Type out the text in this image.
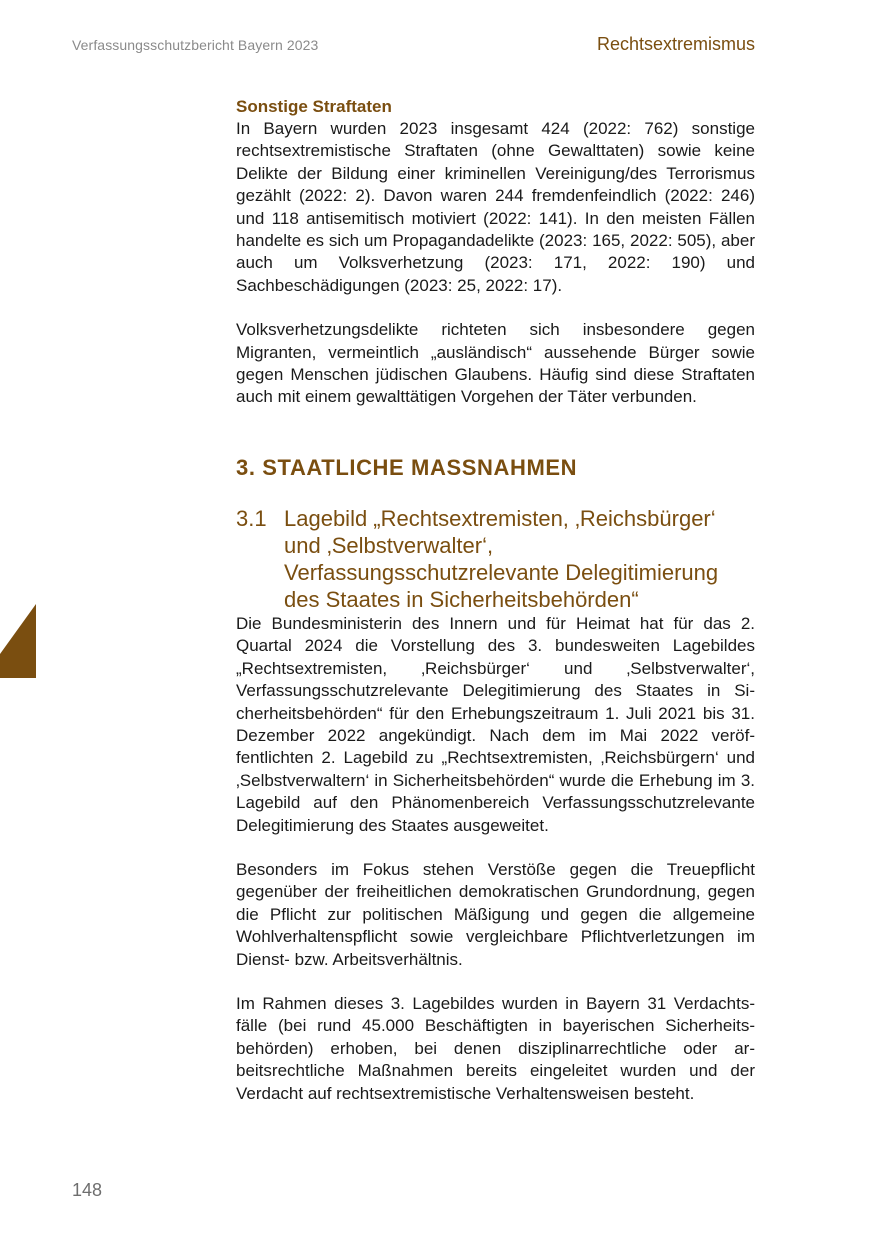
Verfassungsschutzbericht Bayern 2023	Rechtsextremismus
Sonstige Straftaten

In Bayern wurden 2023 insgesamt 424 (2022: 762) sonstige rechtsextremistische Straftaten (ohne Gewalttaten) sowie keine Delikte der Bildung einer kriminellen Vereinigung/des Terrorismus gezählt (2022: 2). Davon waren 244 fremdenfeindlich (2022: 246) und 118 antisemitisch motiviert (2022: 141). In den meisten Fällen handelte es sich um Propagandadelikte (2023: 165, 2022: 505), aber auch um Volksverhetzung (2023: 171, 2022: 190) und Sachbeschädigungen (2023: 25, 2022: 17).

Volksverhetzungsdelikte richteten sich insbesondere gegen Migranten, vermeintlich „ausländisch“ aussehende Bürger sowie gegen Menschen jüdischen Glaubens. Häufig sind diese Straftaten auch mit einem gewalttätigen Vorgehen der Täter verbunden.

3. STAATLICHE MASSNAHMEN
3.1 Lagebild „Rechtsextremisten, ‚Reichsbürger‘ und ‚Selbstverwalter‘, Verfassungsschutzrelevante Delegitimierung des Staates in Sicherheitsbehörden“

Die Bundesministerin des Innern und für Heimat hat für das 2. Quartal 2024 die Vorstellung des 3. bundesweiten Lagebildes „Rechtsextremisten, ‚Reichsbürger‘ und ‚Selbstverwalter‘, Verfassungsschutzrelevante Delegitimierung des Staates in Sicherheitsbehörden“ für den Erhebungszeitraum 1. Juli 2021 bis 31. Dezember 2022 angekündigt. Nach dem im Mai 2022 veröffentlichten 2. Lagebild zu „Rechtsextremisten, ‚Reichsbürgern‘ und ‚Selbstverwaltern‘ in Sicherheitsbehörden“ wurde die Erhebung im 3. Lagebild auf den Phänomenbereich Verfassungsschutzrelevante Delegitimierung des Staates ausgeweitet.

Besonders im Fokus stehen Verstöße gegen die Treuepflicht gegenüber der freiheitlichen demokratischen Grundordnung, gegen die Pflicht zur politischen Mäßigung und gegen die allgemeine Wohlverhaltenspflicht sowie vergleichbare Pflichtverletzungen im Dienst- bzw. Arbeitsverhältnis.

Im Rahmen dieses 3. Lagebildes wurden in Bayern 31 Verdachtsfälle (bei rund 45.000 Beschäftigten in bayerischen Sicherheitsbehörden) erhoben, bei denen disziplinarrechtliche oder arbeitsrechtliche Maßnahmen bereits eingeleitet wurden und der Verdacht auf rechtsextremistische Verhaltensweisen besteht.

148
